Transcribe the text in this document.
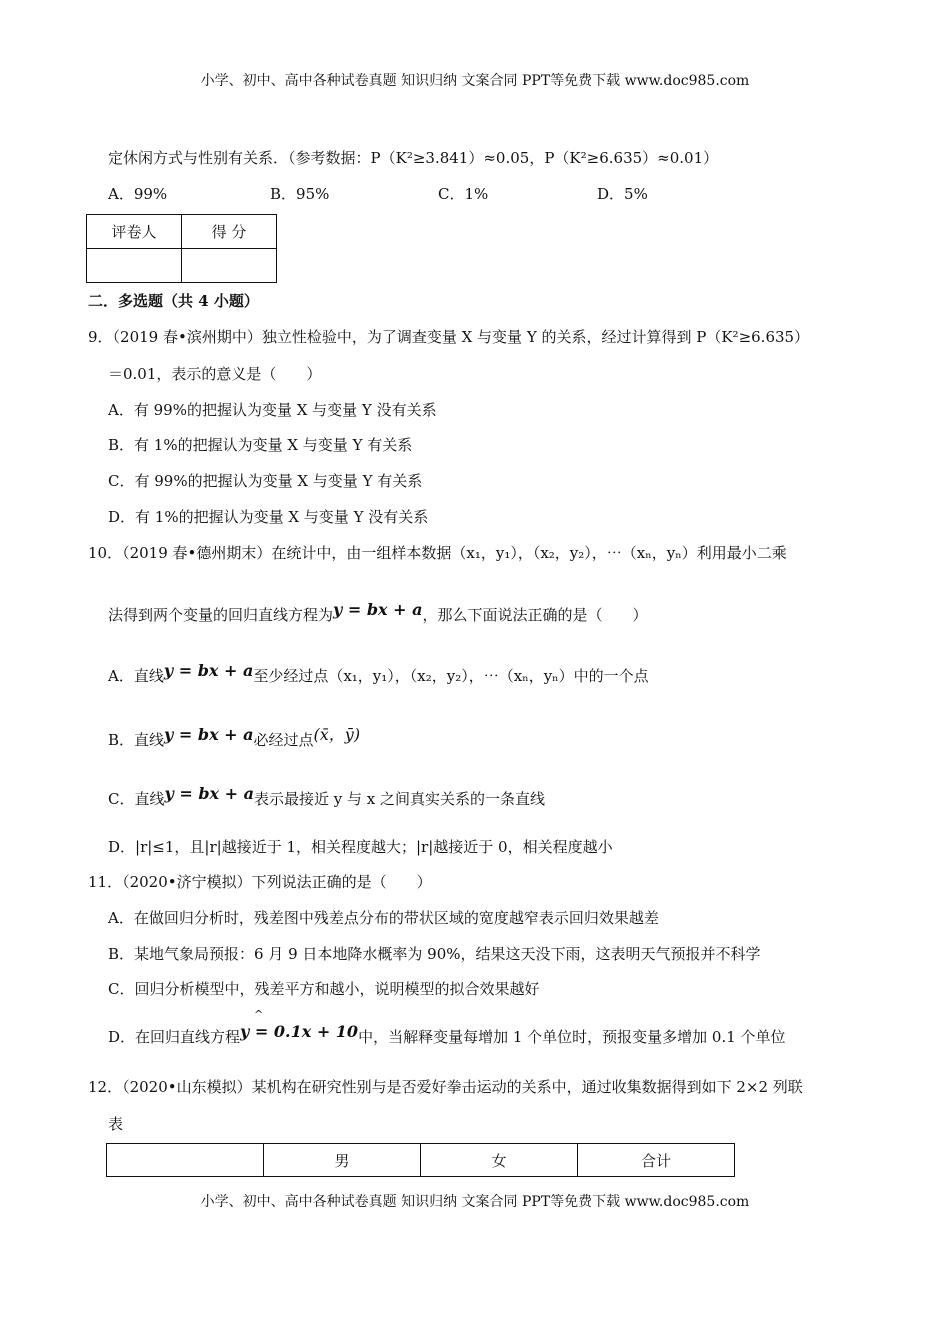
小学、初中、高中各种试卷真题 知识归纳 文案合同 PPT等免费下载 www.doc985.com
定休闲方式与性别有关系．（参考数据：P（K²≥3.841）≈0.05，P（K²≥6.635）≈0.01）
A．99%	B．95%	C．1%	D．5%
评卷人	得 分

二．多选题（共 4 小题）
9．（2019 春•滨州期中）独立性检验中，为了调查变量 X 与变量 Y 的关系，经过计算得到 P（K²≥6.635）
＝0.01，表示的意义是（　　）
A．有 99%的把握认为变量 X 与变量 Y 没有关系
B．有 1%的把握认为变量 X 与变量 Y 有关系
C．有 99%的把握认为变量 X 与变量 Y 有关系
D．有 1%的把握认为变量 X 与变量 Y 没有关系
10．（2019 春•德州期末）在统计中，由一组样本数据（x₁，y₁），（x₂，y₂），⋯（xₙ，yₙ）利用最小二乘
法得到两个变量的回归直线方程为y = bx + a，那么下面说法正确的是（　　）
A．直线y = bx + a至少经过点（x₁，y₁），（x₂，y₂），⋯（xₙ，yₙ）中的一个点
B．直线y = bx + a必经过点(x̄，ȳ)
C．直线y = bx + a表示最接近 y 与 x 之间真实关系的一条直线
D．|r|≤1，且|r|越接近于 1，相关程度越大；|r|越接近于 0，相关程度越小
11．（2020•济宁模拟）下列说法正确的是（　　）
A．在做回归分析时，残差图中残差点分布的带状区域的宽度越窄表示回归效果越差
B．某地气象局预报：6 月 9 日本地降水概率为 90%，结果这天没下雨，这表明天气预报并不科学
C．回归分析模型中，残差平方和越小，说明模型的拟合效果越好
^
D．在回归直线方程y = 0.1x + 10中，当解释变量每增加 1 个单位时，预报变量多增加 0.1 个单位
12．（2020•山东模拟）某机构在研究性别与是否爱好拳击运动的关系中，通过收集数据得到如下 2×2 列联
表
	男	女	合计
小学、初中、高中各种试卷真题 知识归纳 文案合同 PPT等免费下载 www.doc985.com
